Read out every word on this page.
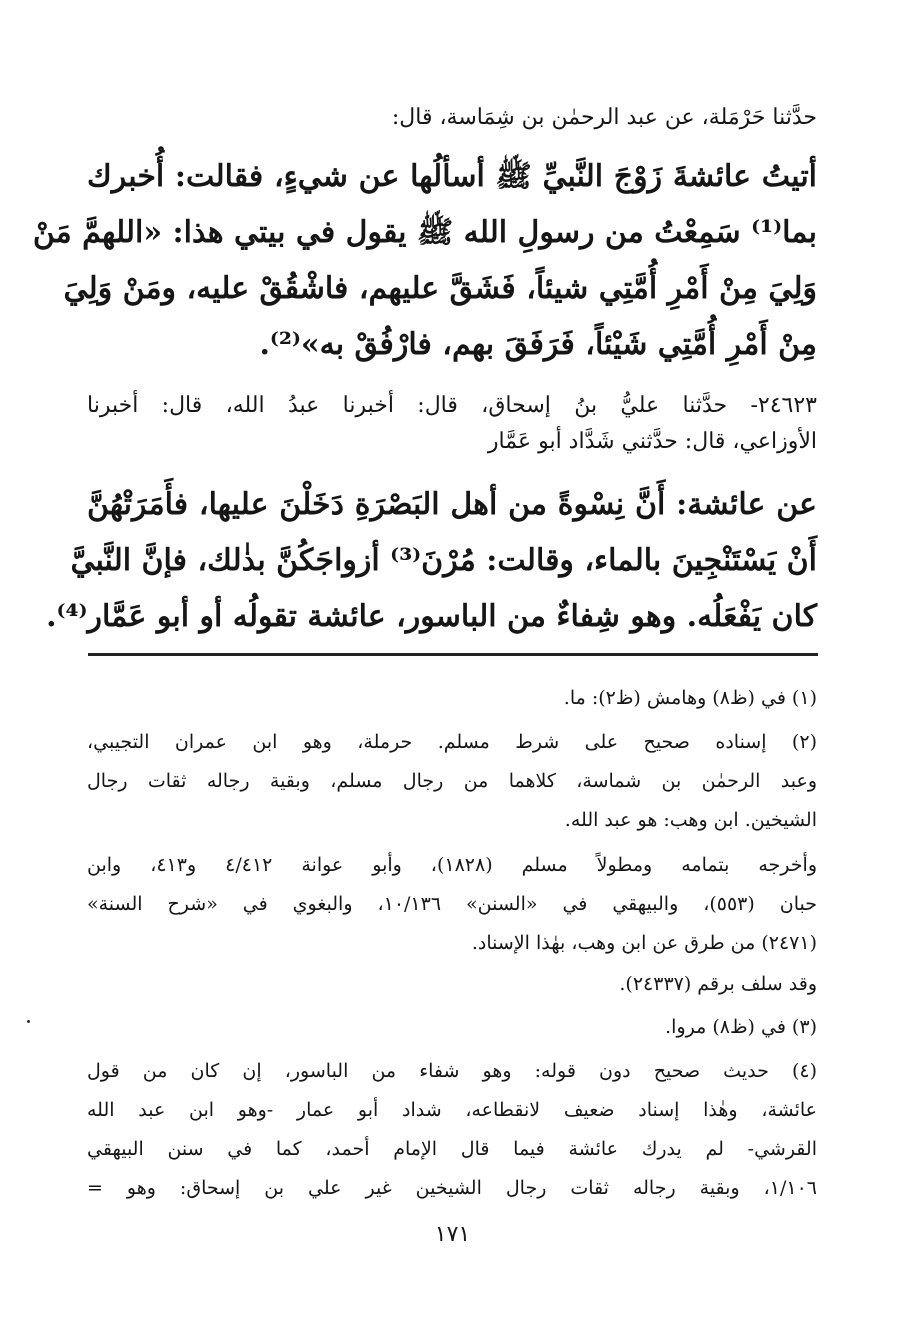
حدَّثنا حَرْمَلة، عن عبد الرحمٰن بن شِمَاسة، قال:

أتيتُ عائشةَ زَوْجَ النَّبيِّ ﷺ أسألُها عن شيءٍ، فقالت: أُخبرك

بما⁽¹⁾ سَمِعْتُ من رسولِ الله ﷺ يقول في بيتي هذا: «اللهمَّ مَنْ

وَلِيَ مِنْ أَمْرِ أُمَّتِي شيئاً، فَشَقَّ عليهم، فاشْقُقْ عليه، ومَنْ وَلِيَ

مِنْ أَمْرِ أُمَّتِي شَيْئاً، فَرَفَقَ بهم، فارْفُقْ به»⁽²⁾.

٢٤٦٢٣- حدَّثنا عليُّ بنُ إسحاق، قال: أخبرنا عبدُ الله، قال: أخبرنا

الأوزاعي، قال: حدَّثني شَدَّاد أبو عَمَّار

عن عائشة: أَنَّ نِسْوةً من أهل البَصْرَةِ دَخَلْنَ عليها، فأَمَرَتْهُنَّ

أَنْ يَسْتَنْجِينَ بالماء، وقالت: مُرْنَ⁽³⁾ أزواجَكُنَّ بذٰلك، فإنَّ النَّبيَّ

كان يَفْعَلُه. وهو شِفاءٌ من الباسور، عائشة تقولُه أو أبو عَمَّار⁽⁴⁾.

(١) في (ظ٨) وهامش (ظ٢): ما.

(٢) إسناده صحيح على شرط مسلم. حرملة، وهو ابن عمران التجيبي،

وعبد الرحمٰن بن شماسة، كلاهما من رجال مسلم، وبقية رجاله ثقات رجال

الشيخين. ابن وهب: هو عبد الله.

وأخرجه بتمامه ومطولاً مسلم (١٨٢٨)، وأبو عوانة ٤/٤١٢ و٤١٣، وابن

حبان (٥٥٣)، والبيهقي في «السنن» ١٠/١٣٦، والبغوي في «شرح السنة»

(٢٤٧١) من طرق عن ابن وهب، بهٰذا الإسناد.

وقد سلف برقم (٢٤٣٣٧).

(٣) في (ظ٨) مروا.

(٤) حديث صحيح دون قوله: وهو شفاء من الباسور، إن كان من قول

عائشة، وهٰذا إسناد ضعيف لانقطاعه، شداد أبو عمار -وهو ابن عبد الله

القرشي- لم يدرك عائشة فيما قال الإمام أحمد، كما في سنن البيهقي

١/١٠٦، وبقية رجاله ثقات رجال الشيخين غير علي بن إسحاق: وهو =

١٧١
